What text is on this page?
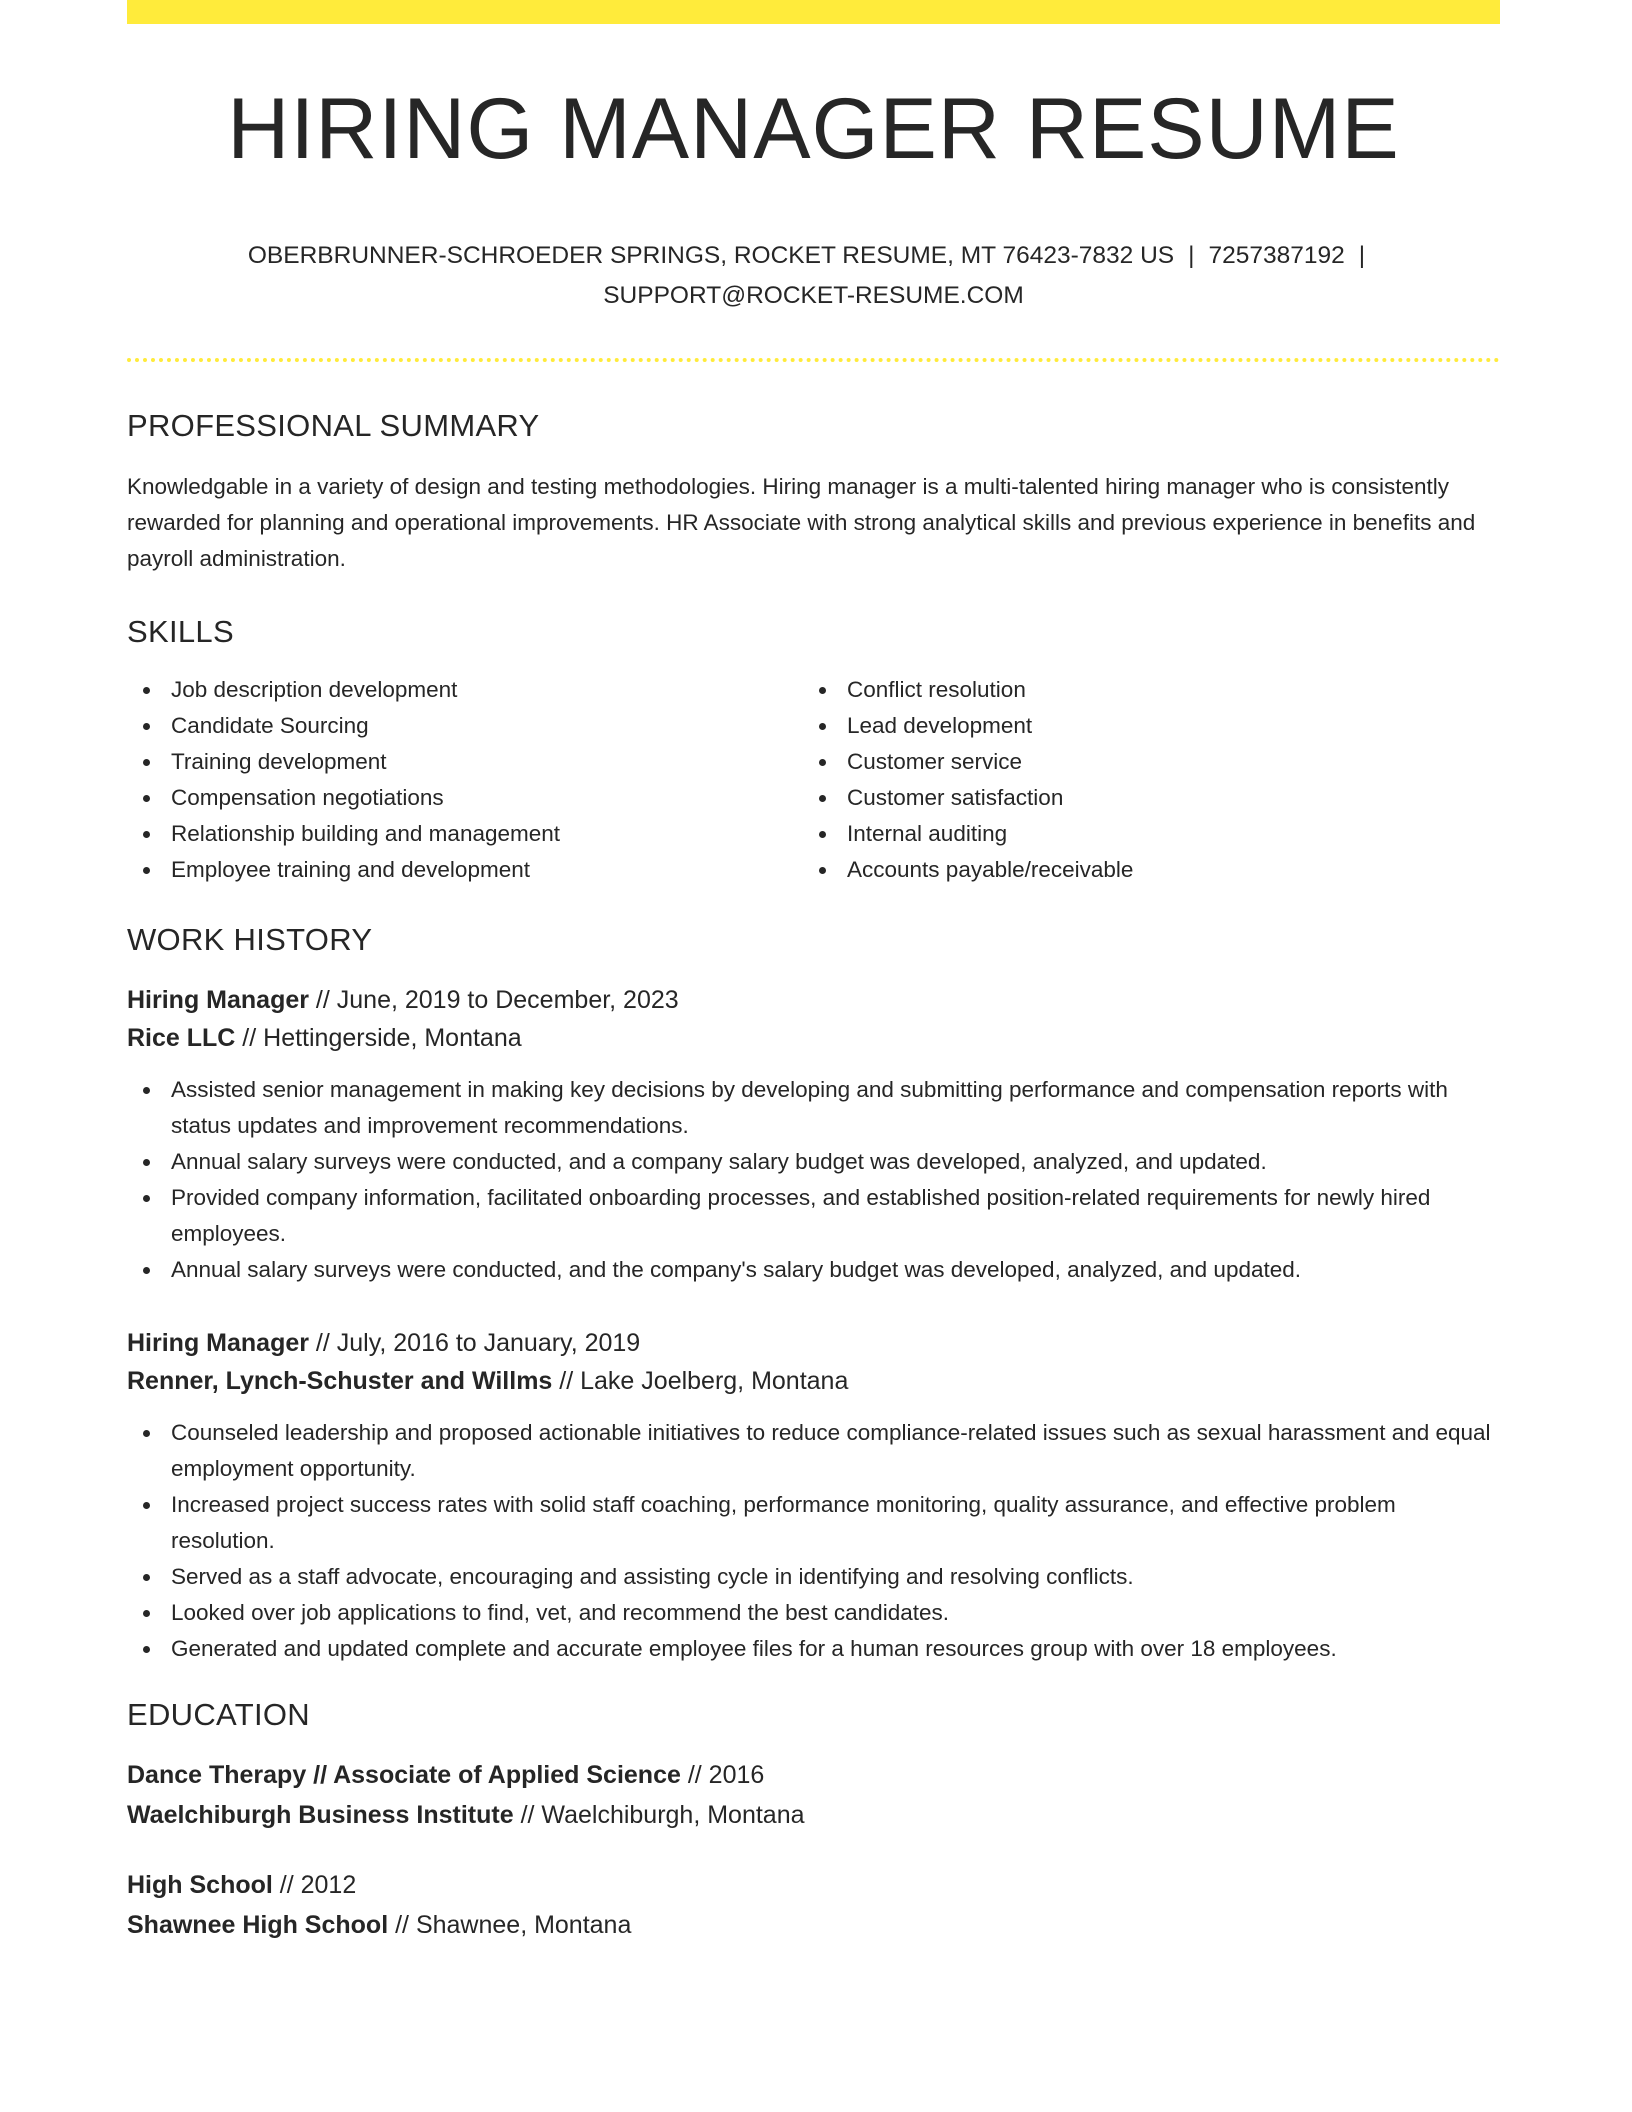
HIRING MANAGER RESUME
OBERBRUNNER-SCHROEDER SPRINGS, ROCKET RESUME, MT 76423-7832 US | 7257387192 |
SUPPORT@ROCKET-RESUME.COM
PROFESSIONAL SUMMARY

Knowledgable in a variety of design and testing methodologies. Hiring manager is a multi-talented hiring manager who is consistently rewarded for planning and operational improvements. HR Associate with strong analytical skills and previous experience in benefits and payroll administration.

SKILLS
Job description development
Candidate Sourcing
Training development
Compensation negotiations
Relationship building and management
Employee training and development
Conflict resolution
Lead development
Customer service
Customer satisfaction
Internal auditing
Accounts payable/receivable
WORK HISTORY
Hiring Manager // June, 2019 to December, 2023
Rice LLC // Hettingerside, Montana
Assisted senior management in making key decisions by developing and submitting performance and compensation reports with status updates and improvement recommendations.
Annual salary surveys were conducted, and a company salary budget was developed, analyzed, and updated.
Provided company information, facilitated onboarding processes, and established position-related requirements for newly hired employees.
Annual salary surveys were conducted, and the company's salary budget was developed, analyzed, and updated.
Hiring Manager // July, 2016 to January, 2019
Renner, Lynch-Schuster and Willms // Lake Joelberg, Montana
Counseled leadership and proposed actionable initiatives to reduce compliance-related issues such as sexual harassment and equal employment opportunity.
Increased project success rates with solid staff coaching, performance monitoring, quality assurance, and effective problem resolution.
Served as a staff advocate, encouraging and assisting cycle in identifying and resolving conflicts.
Looked over job applications to find, vet, and recommend the best candidates.
Generated and updated complete and accurate employee files for a human resources group with over 18 employees.
EDUCATION
Dance Therapy // Associate of Applied Science // 2016
Waelchiburgh Business Institute // Waelchiburgh, Montana
High School // 2012
Shawnee High School // Shawnee, Montana
